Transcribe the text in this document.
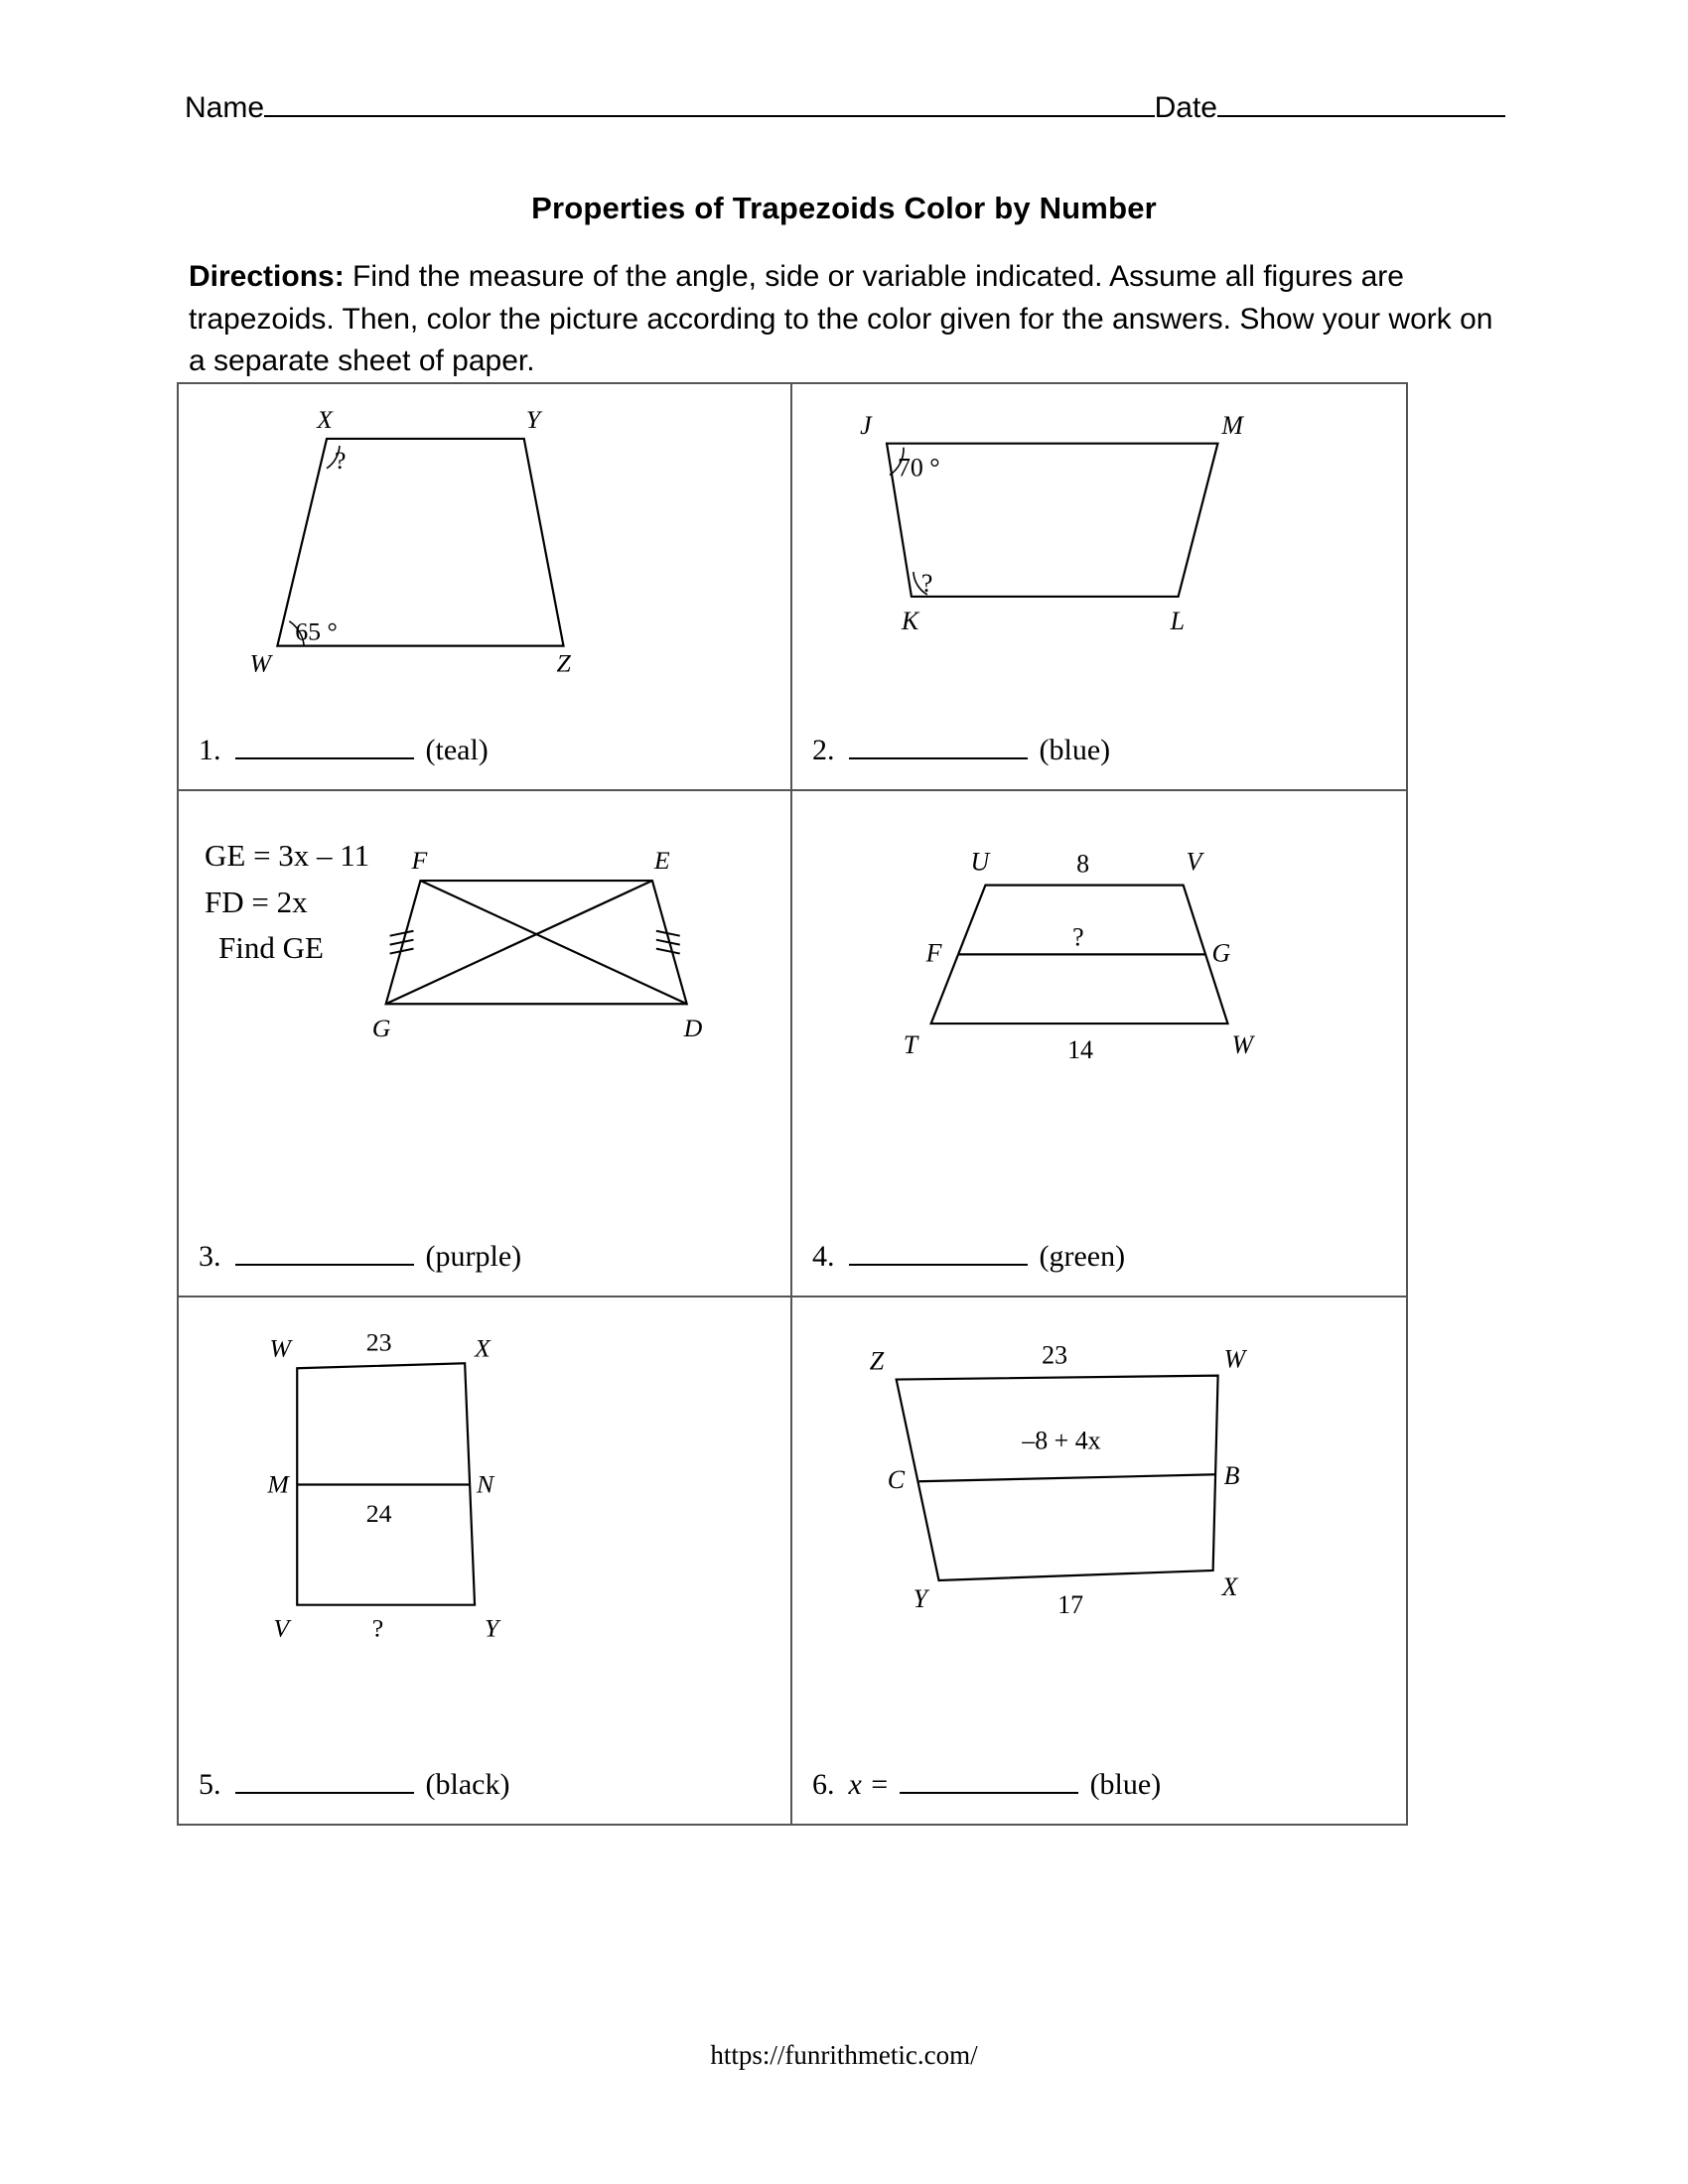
Name	Date
Properties of Trapezoids Color by Number
Directions: Find the measure of the angle, side or variable indicated. Assume all figures are trapezoids. Then, color the picture according to the color given for the answers. Show your work on a separate sheet of paper.
X	Y
Z
W
65 °
?
1.	(teal)
J	M
L
K
70 °
?
2.	(blue)
GE = 3x – 11
FD = 2x
Find GE
F	E
D
G
3.	(purple)
U	V
W
T
F	G
8
?
14
4.	(green)
W	X
Y
V
M	N
23
24
?
5.	(black)
Z	W
X
Y
C	B
23
–8 + 4x
17
6. x =	(blue)
https://funrithmetic.com/
